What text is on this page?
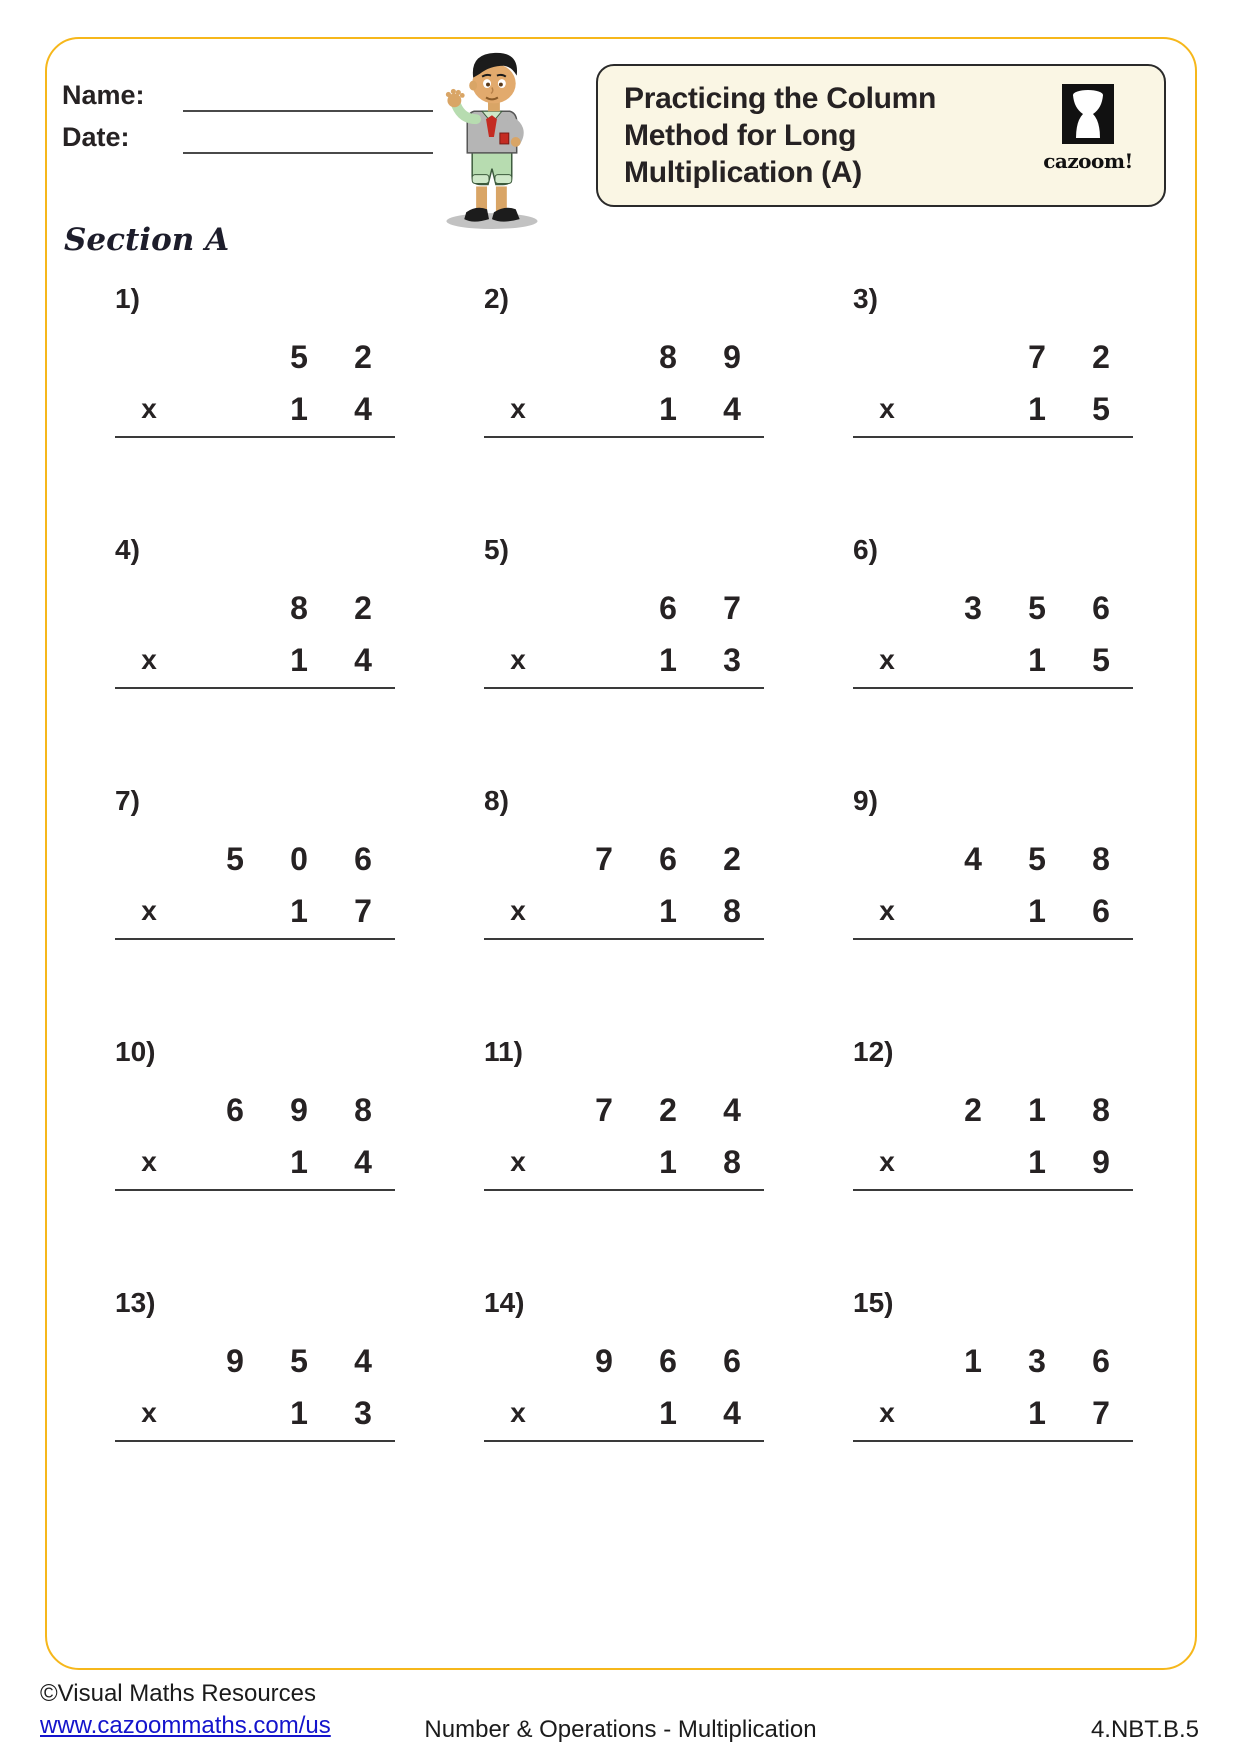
Name:
Date:
Practicing the Column
Method for Long
Multiplication (A)	cazoom!
Section A
1)
5	2
x	1	4
2)
8	9
x	1	4
3)
7	2
x	1	5
4)
8	2
x	1	4
5)
6	7
x	1	3
6)
3	5	6
x	1	5
7)
5	0	6
x	1	7
8)
7	6	2
x	1	8
9)
4	5	8
x	1	6
10)
6	9	8
x	1	4
11)
7	2	4
x	1	8
12)
2	1	8
x	1	9
13)
9	5	4
x	1	3
14)
9	6	6
x	1	4
15)
1	3	6
x	1	7
©Visual Maths Resources
www.cazoommaths.com/us	Number & Operations - Multiplication	4.NBT.B.5
